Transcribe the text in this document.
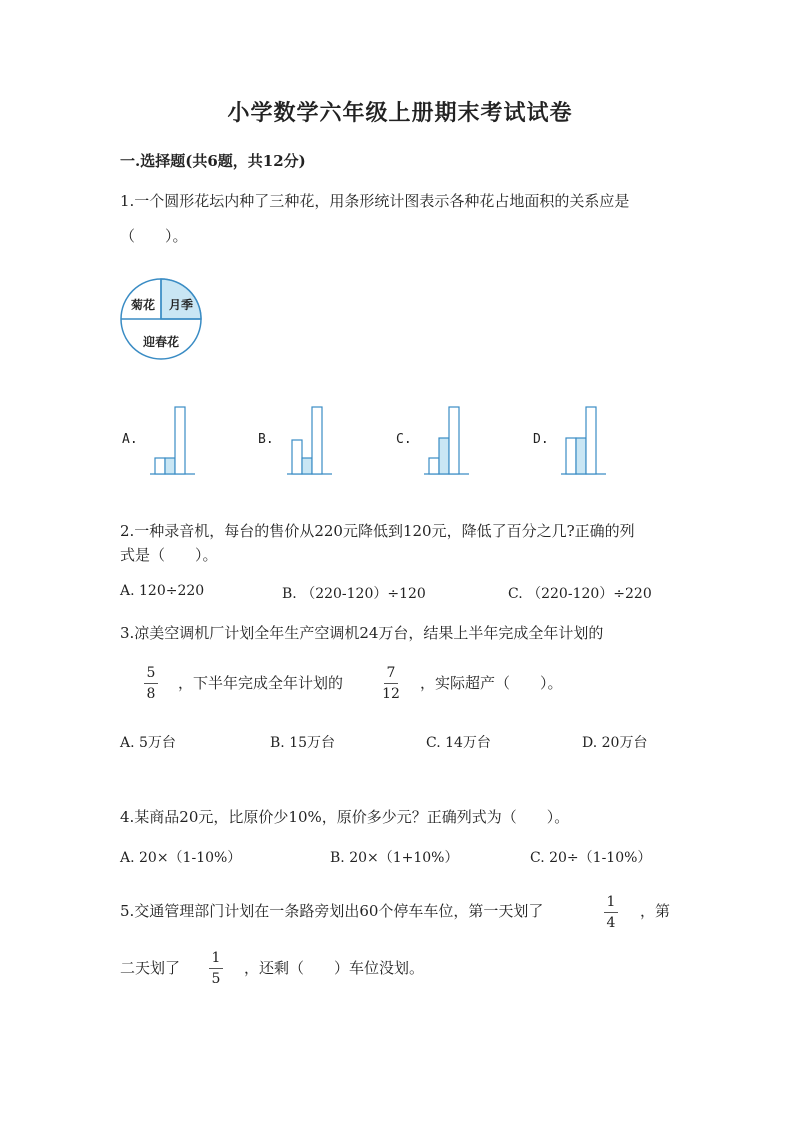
小学数学六年级上册期末考试试卷
一.选择题(共6题，共12分)
1.一个圆形花坛内种了三种花，用条形统计图表示各种花占地面积的关系应是
（　　）。
菊花 月季
迎春花
A.	B.	C.	D.
2.一种录音机，每台的售价从220元降低到120元，降低了百分之几?正确的列
式是（　　）。
A. 120÷220	B. （220-120）÷120	C. （220-120）÷220
3.凉美空调机厂计划全年生产空调机24万台，结果上半年完成全年计划的
5
8
，下半年完成全年计划的
7
12
，实际超产（　　）。
A. 5万台	B. 15万台	C. 14万台	D. 20万台
4.某商品20元，比原价少10%，原价多少元？正确列式为（　　）。
A. 20×（1-10%）	B. 20×（1+10%）	C. 20÷（1-10%）
5.交通管理部门计划在一条路旁划出60个停车车位，第一天划了	1
4
，第
二天划了
1
5
，还剩（　　）车位没划。
